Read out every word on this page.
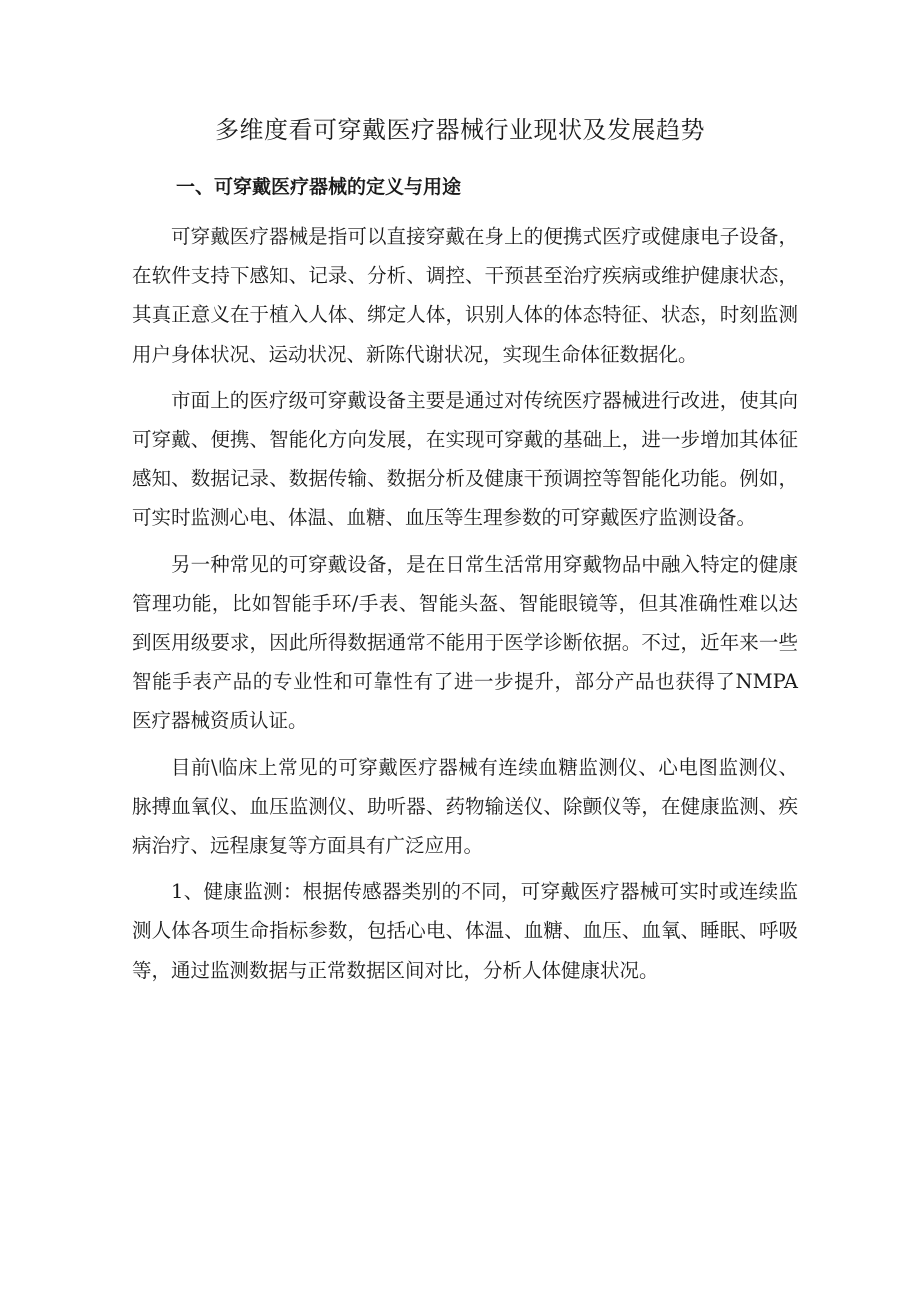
多维度看可穿戴医疗器械行业现状及发展趋势
一、可穿戴医疗器械的定义与用途

可穿戴医疗器械是指可以直接穿戴在身上的便携式医疗或健康电子设备，在软件支持下感知、记录、分析、调控、干预甚至治疗疾病或维护健康状态，其真正意义在于植入人体、绑定人体，识别人体的体态特征、状态，时刻监测用户身体状况、运动状况、新陈代谢状况，实现生命体征数据化。

市面上的医疗级可穿戴设备主要是通过对传统医疗器械进行改进，使其向可穿戴、便携、智能化方向发展，在实现可穿戴的基础上，进一步增加其体征感知、数据记录、数据传输、数据分析及健康干预调控等智能化功能。例如，可实时监测心电、体温、血糖、血压等生理参数的可穿戴医疗监测设备。

另一种常见的可穿戴设备，是在日常生活常用穿戴物品中融入特定的健康管理功能，比如智能手环/手表、智能头盔、智能眼镜等，但其准确性难以达到医用级要求，因此所得数据通常不能用于医学诊断依据。不过，近年来一些智能手表产品的专业性和可靠性有了进一步提升，部分产品也获得了NMPA医疗器械资质认证。

目前\临床上常见的可穿戴医疗器械有连续血糖监测仪、心电图监测仪、脉搏血氧仪、血压监测仪、助听器、药物输送仪、除颤仪等，在健康监测、疾病治疗、远程康复等方面具有广泛应用。

1、健康监测：根据传感器类别的不同，可穿戴医疗器械可实时或连续监测人体各项生命指标参数，包括心电、体温、血糖、血压、血氧、睡眠、呼吸等，通过监测数据与正常数据区间对比，分析人体健康状况。
